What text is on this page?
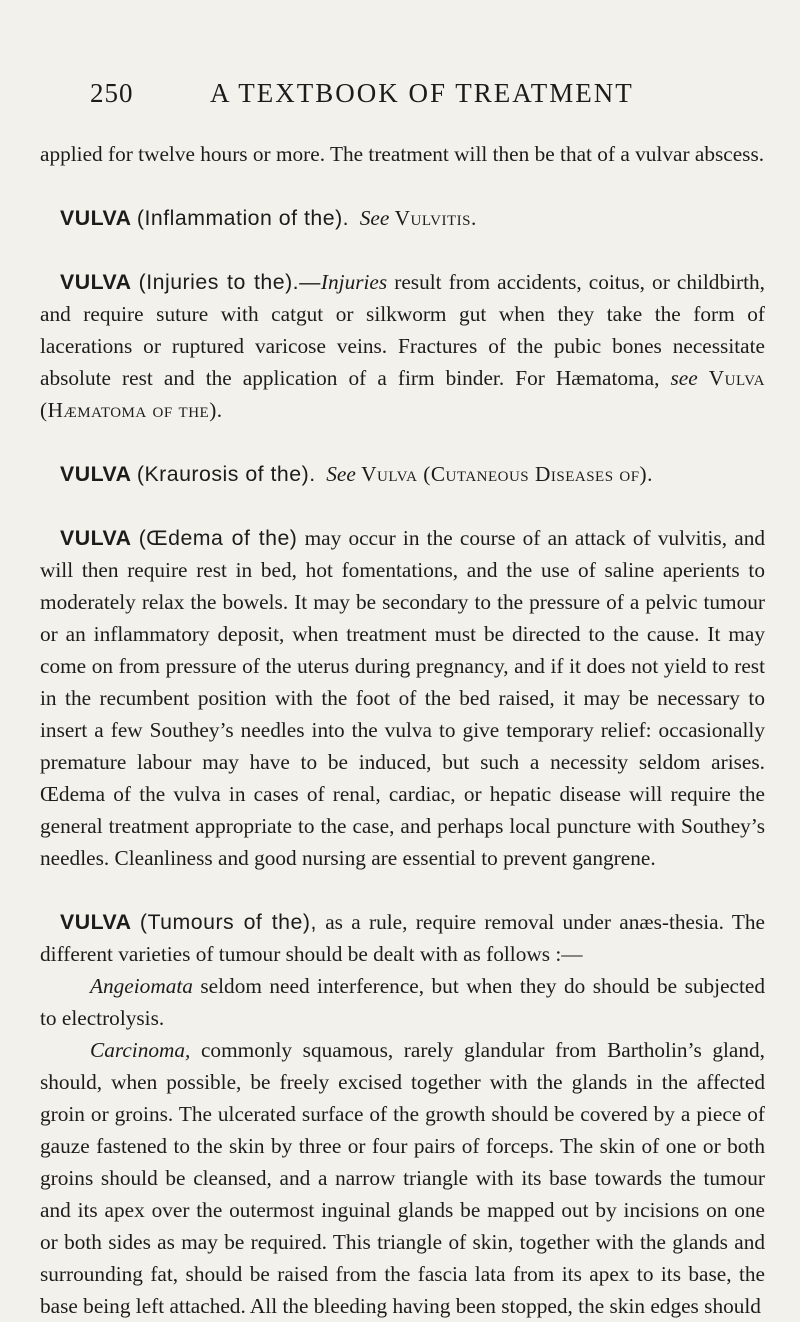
250	A TEXTBOOK OF TREATMENT

applied for twelve hours or more. The treatment will then be that of a vulvar abscess.

VULVA (Inflammation of the). See Vulvitis.

VULVA (Injuries to the).—Injuries result from accidents, coitus, or childbirth, and require suture with catgut or silkworm gut when they take the form of lacerations or ruptured varicose veins. Fractures of the pubic bones necessitate absolute rest and the application of a firm binder. For Hæmatoma, see Vulva (Hæmatoma of the).

VULVA (Kraurosis of the). See Vulva (Cutaneous Diseases of).

VULVA (Œdema of the) may occur in the course of an attack of vulvitis, and will then require rest in bed, hot fomentations, and the use of saline aperients to moderately relax the bowels. It may be secondary to the pressure of a pelvic tumour or an inflammatory deposit, when treatment must be directed to the cause. It may come on from pressure of the uterus during pregnancy, and if it does not yield to rest in the recumbent position with the foot of the bed raised, it may be necessary to insert a few Southey’s needles into the vulva to give temporary relief: occasionally premature labour may have to be induced, but such a necessity seldom arises. Œdema of the vulva in cases of renal, cardiac, or hepatic disease will require the general treatment appropriate to the case, and perhaps local puncture with Southey’s needles. Cleanliness and good nursing are essential to prevent gangrene.

VULVA (Tumours of the), as a rule, require removal under anæs-thesia. The different varieties of tumour should be dealt with as follows :—

Angeiomata seldom need interference, but when they do should be subjected to electrolysis.

Carcinoma, commonly squamous, rarely glandular from Bartholin’s gland, should, when possible, be freely excised together with the glands in the affected groin or groins. The ulcerated surface of the growth should be covered by a piece of gauze fastened to the skin by three or four pairs of forceps. The skin of one or both groins should be cleansed, and a narrow triangle with its base towards the tumour and its apex over the outermost inguinal glands be mapped out by incisions on one or both sides as may be required. This triangle of skin, together with the glands and surrounding fat, should be raised from the fascia lata from its apex to its base, the base being left attached. All the bleeding having been stopped, the skin edges should
